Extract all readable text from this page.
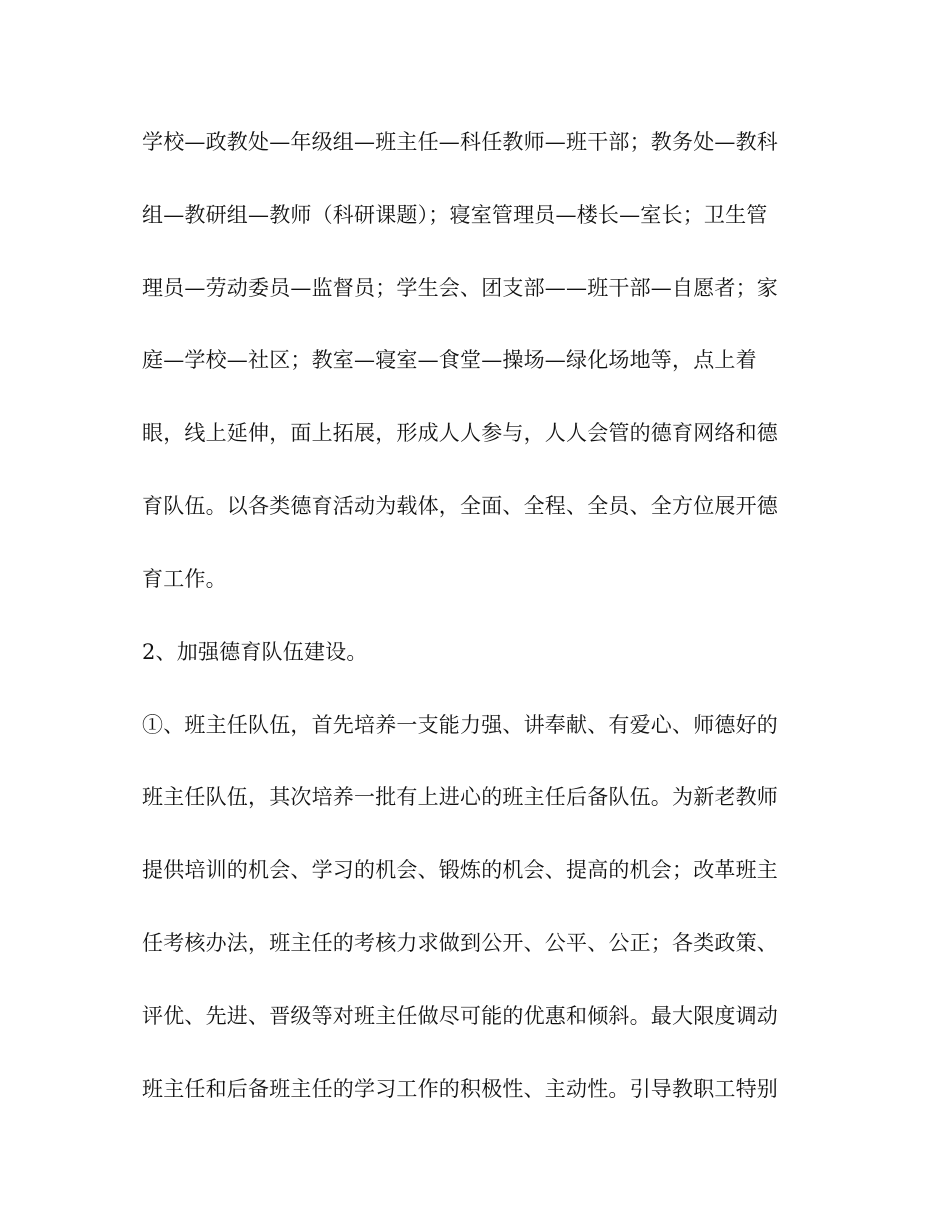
学校—政教处—年级组—班主任—科任教师—班干部；教务处—教科
组—教研组—教师（科研课题）；寝室管理员—楼长—室长；卫生管
理员—劳动委员—监督员；学生会、团支部——班干部—自愿者；家
庭—学校—社区；教室—寝室—食堂—操场—绿化场地等，点上着
眼，线上延伸，面上拓展，形成人人参与，人人会管的德育网络和德
育队伍。以各类德育活动为载体，全面、全程、全员、全方位展开德
育工作。
2、加强德育队伍建设。
①、班主任队伍，首先培养一支能力强、讲奉献、有爱心、师德好的
班主任队伍，其次培养一批有上进心的班主任后备队伍。为新老教师
提供培训的机会、学习的机会、锻炼的机会、提高的机会；改革班主
任考核办法，班主任的考核力求做到公开、公平、公正；各类政策、
评优、先进、晋级等对班主任做尽可能的优惠和倾斜。最大限度调动
班主任和后备班主任的学习工作的积极性、主动性。引导教职工特别
